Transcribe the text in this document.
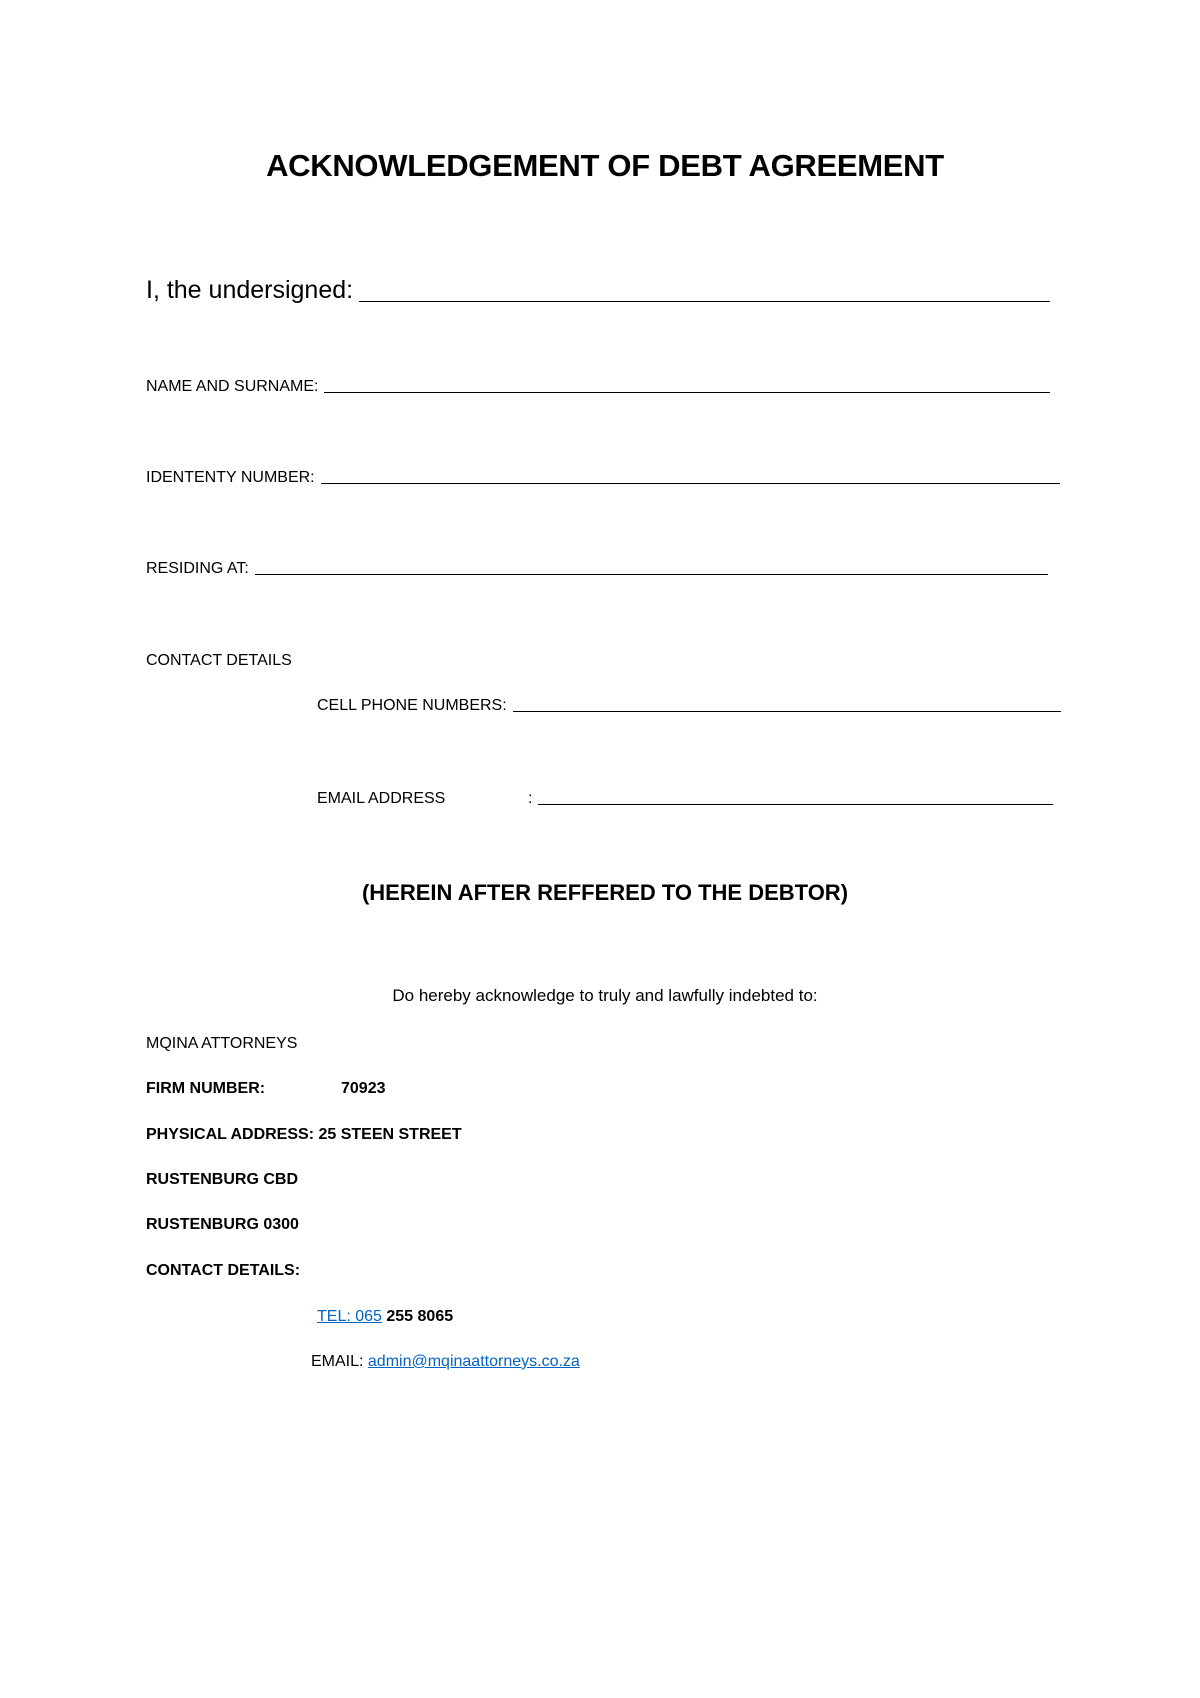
ACKNOWLEDGEMENT OF DEBT AGREEMENT
I, the undersigned:
NAME AND SURNAME:
IDENTENTY NUMBER:
RESIDING AT:
CONTACT DETAILS
CELL PHONE NUMBERS:
EMAIL ADDRESS	:
(HEREIN AFTER REFFERED TO THE DEBTOR)
Do hereby acknowledge to truly and lawfully indebted to:
MQINA ATTORNEYS
FIRM NUMBER:	70923
PHYSICAL ADDRESS: 25 STEEN STREET
RUSTENBURG CBD
RUSTENBURG 0300
CONTACT DETAILS:
TEL: 065 255 8065
EMAIL: admin@mqinaattorneys.co.za
